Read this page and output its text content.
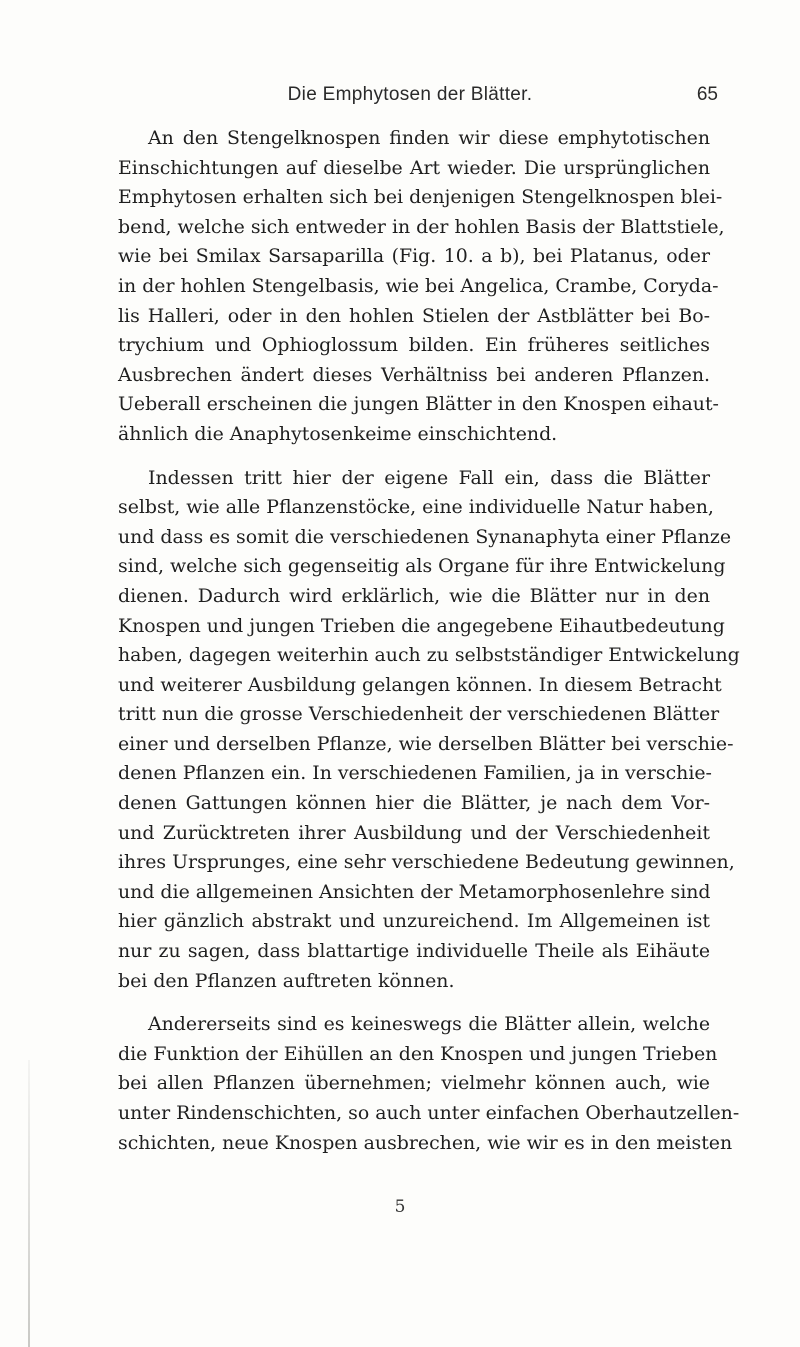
Die Emphytosen der Blätter.	65

An den Stengelknospen finden wir diese emphytotischen
Einschichtungen auf dieselbe Art wieder. Die ursprünglichen
Emphytosen erhalten sich bei denjenigen Stengelknospen blei-
bend, welche sich entweder in der hohlen Basis der Blattstiele,
wie bei Smilax Sarsaparilla (Fig. 10. a b), bei Platanus, oder
in der hohlen Stengelbasis, wie bei Angelica, Crambe, Coryda-
lis Halleri, oder in den hohlen Stielen der Astblätter bei Bo-
trychium und Ophioglossum bilden. Ein früheres seitliches
Ausbrechen ändert dieses Verhältniss bei anderen Pflanzen.
Ueberall erscheinen die jungen Blätter in den Knospen eihaut-
ähnlich die Anaphytosenkeime einschichtend.

Indessen tritt hier der eigene Fall ein, dass die Blätter
selbst, wie alle Pflanzenstöcke, eine individuelle Natur haben,
und dass es somit die verschiedenen Synanaphyta einer Pflanze
sind, welche sich gegenseitig als Organe für ihre Entwickelung
dienen. Dadurch wird erklärlich, wie die Blätter nur in den
Knospen und jungen Trieben die angegebene Eihautbedeutung
haben, dagegen weiterhin auch zu selbstständiger Entwickelung
und weiterer Ausbildung gelangen können. In diesem Betracht
tritt nun die grosse Verschiedenheit der verschiedenen Blätter
einer und derselben Pflanze, wie derselben Blätter bei verschie-
denen Pflanzen ein. In verschiedenen Familien, ja in verschie-
denen Gattungen können hier die Blätter, je nach dem Vor-
und Zurücktreten ihrer Ausbildung und der Verschiedenheit
ihres Ursprunges, eine sehr verschiedene Bedeutung gewinnen,
und die allgemeinen Ansichten der Metamorphosenlehre sind
hier gänzlich abstrakt und unzureichend. Im Allgemeinen ist
nur zu sagen, dass blattartige individuelle Theile als Eihäute
bei den Pflanzen auftreten können.

Andererseits sind es keineswegs die Blätter allein, welche
die Funktion der Eihüllen an den Knospen und jungen Trieben
bei allen Pflanzen übernehmen; vielmehr können auch, wie
unter Rindenschichten, so auch unter einfachen Oberhautzellen-
schichten, neue Knospen ausbrechen, wie wir es in den meisten

5
